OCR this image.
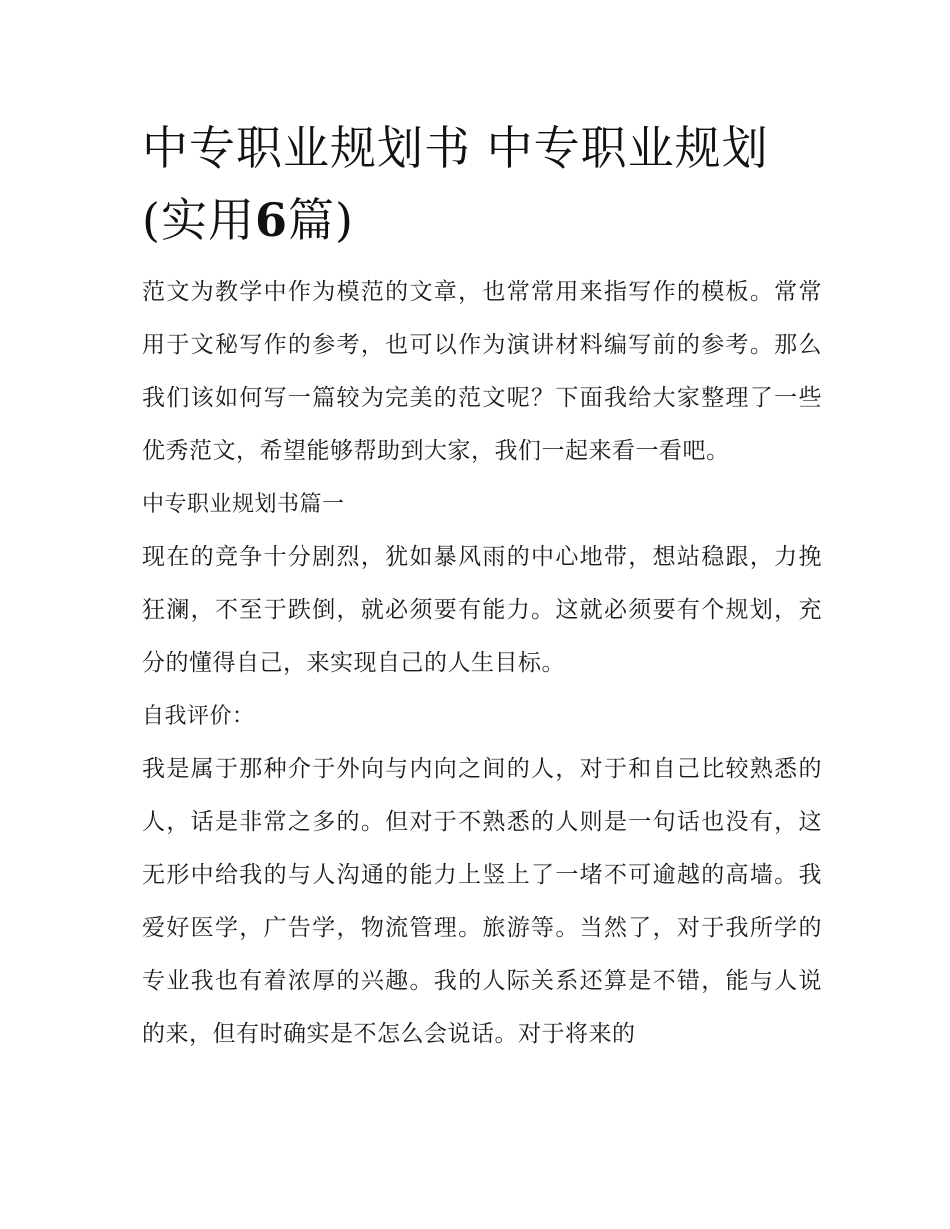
中专职业规划书 中专职业规划(实用6篇)

范文为教学中作为模范的文章，也常常用来指写作的模板。常常用于文秘写作的参考，也可以作为演讲材料编写前的参考。那么我们该如何写一篇较为完美的范文呢？下面我给大家整理了一些优秀范文，希望能够帮助到大家，我们一起来看一看吧。

中专职业规划书篇一

现在的竞争十分剧烈，犹如暴风雨的中心地带，想站稳跟，力挽狂澜，不至于跌倒，就必须要有能力。这就必须要有个规划，充分的懂得自己，来实现自己的人生目标。

自我评价：

我是属于那种介于外向与内向之间的人，对于和自己比较熟悉的人，话是非常之多的。但对于不熟悉的人则是一句话也没有，这无形中给我的与人沟通的能力上竖上了一堵不可逾越的高墙。我爱好医学，广告学，物流管理。旅游等。当然了，对于我所学的专业我也有着浓厚的兴趣。我的人际关系还算是不错，能与人说的来，但有时确实是不怎么会说话。对于将来的
